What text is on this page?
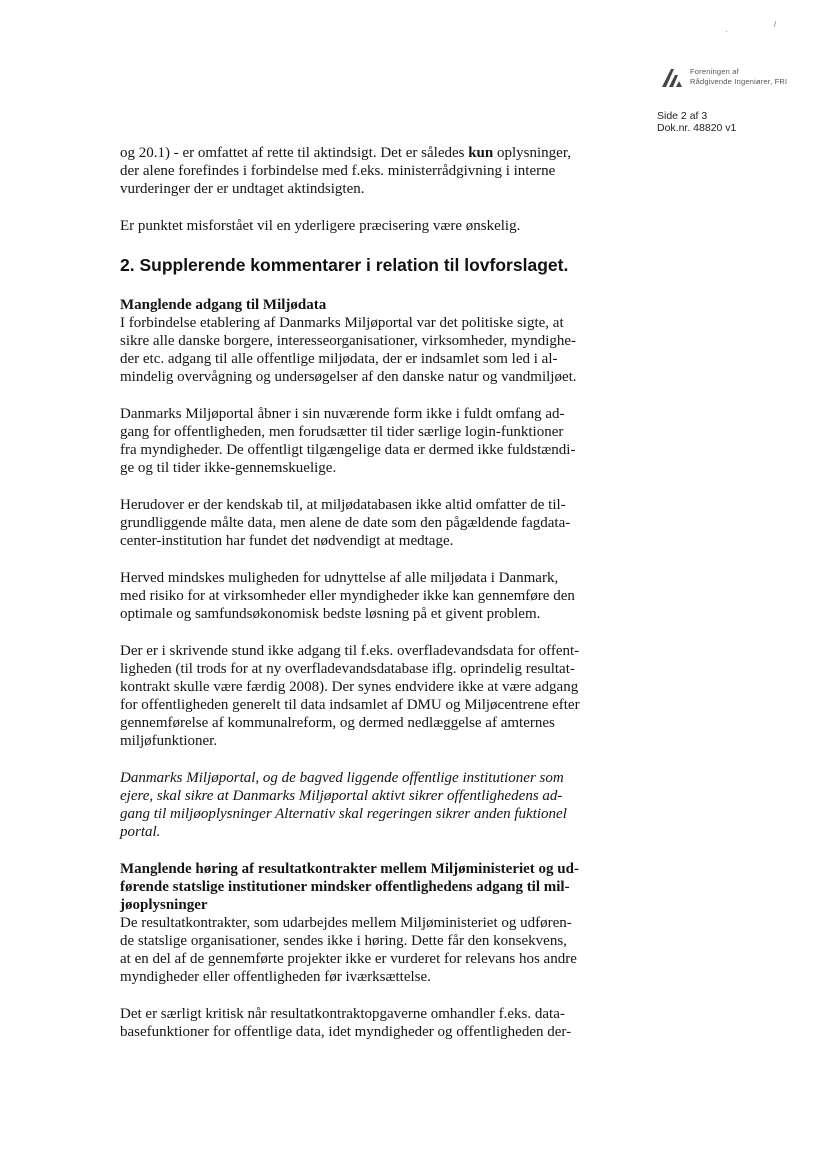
·
/
Foreningen af
Rådgivende Ingeniører, FRI
Side 2 af 3
Dok.nr. 48820 v1

og 20.1) - er omfattet af rette til aktindsigt. Det er således kun oplysninger,
der alene forefindes i forbindelse med f.eks. ministerrådgivning i interne
vurderinger der er undtaget aktindsigten.

Er punktet misforstået vil en yderligere præcisering være ønskelig.

2. Supplerende kommentarer i relation til lovforslaget.

Manglende adgang til Miljødata
I forbindelse etablering af Danmarks Miljøportal var det politiske sigte, at
sikre alle danske borgere, interesseorganisationer, virksomheder, myndighe-
der etc. adgang til alle offentlige miljødata, der er indsamlet som led i al-
mindelig overvågning og undersøgelser af den danske natur og vandmiljøet.

Danmarks Miljøportal åbner i sin nuværende form ikke i fuldt omfang ad-
gang for offentligheden, men forudsætter til tider særlige login-funktioner
fra myndigheder. De offentligt tilgængelige data er dermed ikke fuldstændi-
ge og til tider ikke-gennemskuelige.

Herudover er der kendskab til, at miljødatabasen ikke altid omfatter de til-
grundliggende målte data, men alene de date som den pågældende fagdata-
center-institution har fundet det nødvendigt at medtage.

Herved mindskes muligheden for udnyttelse af alle miljødata i Danmark,
med risiko for at virksomheder eller myndigheder ikke kan gennemføre den
optimale og samfundsøkonomisk bedste løsning på et givent problem.

Der er i skrivende stund ikke adgang til f.eks. overfladevandsdata for offent-
ligheden (til trods for at ny overfladevandsdatabase iflg. oprindelig resultat-
kontrakt skulle være færdig 2008). Der synes endvidere ikke at være adgang
for offentligheden generelt til data indsamlet af DMU og Miljøcentrene efter
gennemførelse af kommunalreform, og dermed nedlæggelse af amternes
miljøfunktioner.

Danmarks Miljøportal, og de bagved liggende offentlige institutioner som
ejere, skal sikre at Danmarks Miljøportal aktivt sikrer offentlighedens ad-
gang til miljøoplysninger Alternativ skal regeringen sikrer anden fuktionel
portal.

Manglende høring af resultatkontrakter mellem Miljøministeriet og ud-
førende statslige institutioner mindsker offentlighedens adgang til mil-
jøoplysninger
De resultatkontrakter, som udarbejdes mellem Miljøministeriet og udføren-
de statslige organisationer, sendes ikke i høring. Dette får den konsekvens,
at en del af de gennemførte projekter ikke er vurderet for relevans hos andre
myndigheder eller offentligheden før iværksættelse.

Det er særligt kritisk når resultatkontraktopgaverne omhandler f.eks. data-
basefunktioner for offentlige data, idet myndigheder og offentligheden der-
